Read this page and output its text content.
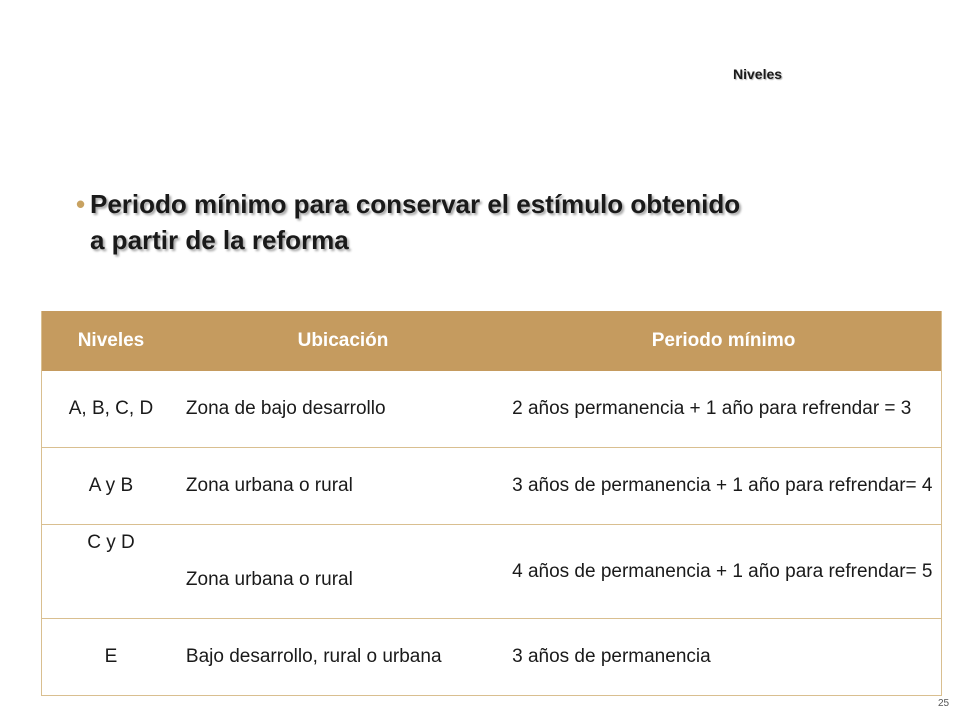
Niveles
• Periodo mínimo para conservar el estímulo obtenido
a partir de la reforma
Niveles	Ubicación	Periodo mínimo
A, B, C, D	Zona de bajo desarrollo	2 años permanencia + 1 año para refrendar = 3
A y B	Zona urbana o rural	3 años de permanencia + 1 año para refrendar= 4
C y D	Zona urbana o rural	4 años de permanencia + 1 año para refrendar= 5
E	Bajo desarrollo, rural o urbana	3 años de permanencia
25
